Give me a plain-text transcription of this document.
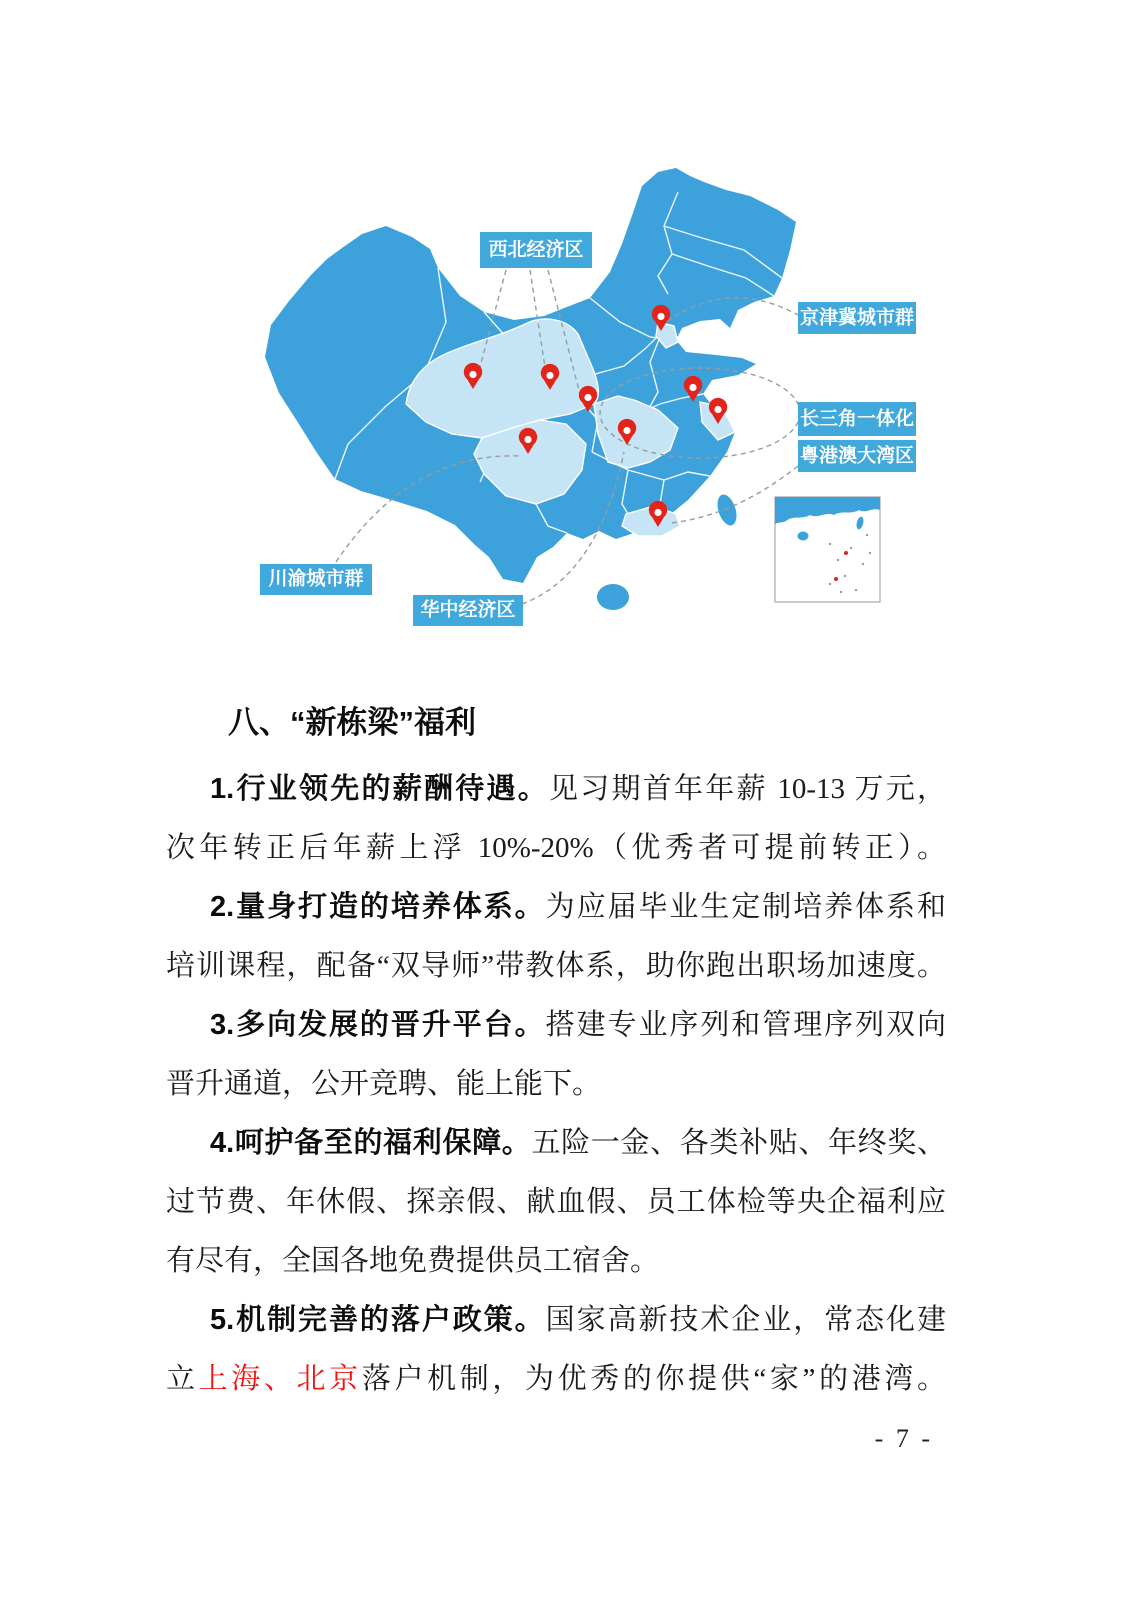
西北经济区
京津冀城市群
长三角一体化
粤港澳大湾区
川渝城市群
华中经济区
八、“新栋梁”福利

1.行业领先的薪酬待遇。见习期首年年薪 10-13 万元，

次年转正后年薪上浮 10%-20%（优秀者可提前转正）。

2.量身打造的培养体系。为应届毕业生定制培养体系和

培训课程，配备“双导师”带教体系，助你跑出职场加速度。

3.多向发展的晋升平台。搭建专业序列和管理序列双向

晋升通道，公开竞聘、能上能下。

4.呵护备至的福利保障。五险一金、各类补贴、年终奖、

过节费、年休假、探亲假、献血假、员工体检等央企福利应

有尽有，全国各地免费提供员工宿舍。

5.机制完善的落户政策。国家高新技术企业，常态化建

立上海、北京落户机制，为优秀的你提供“家”的港湾。

- 7 -
